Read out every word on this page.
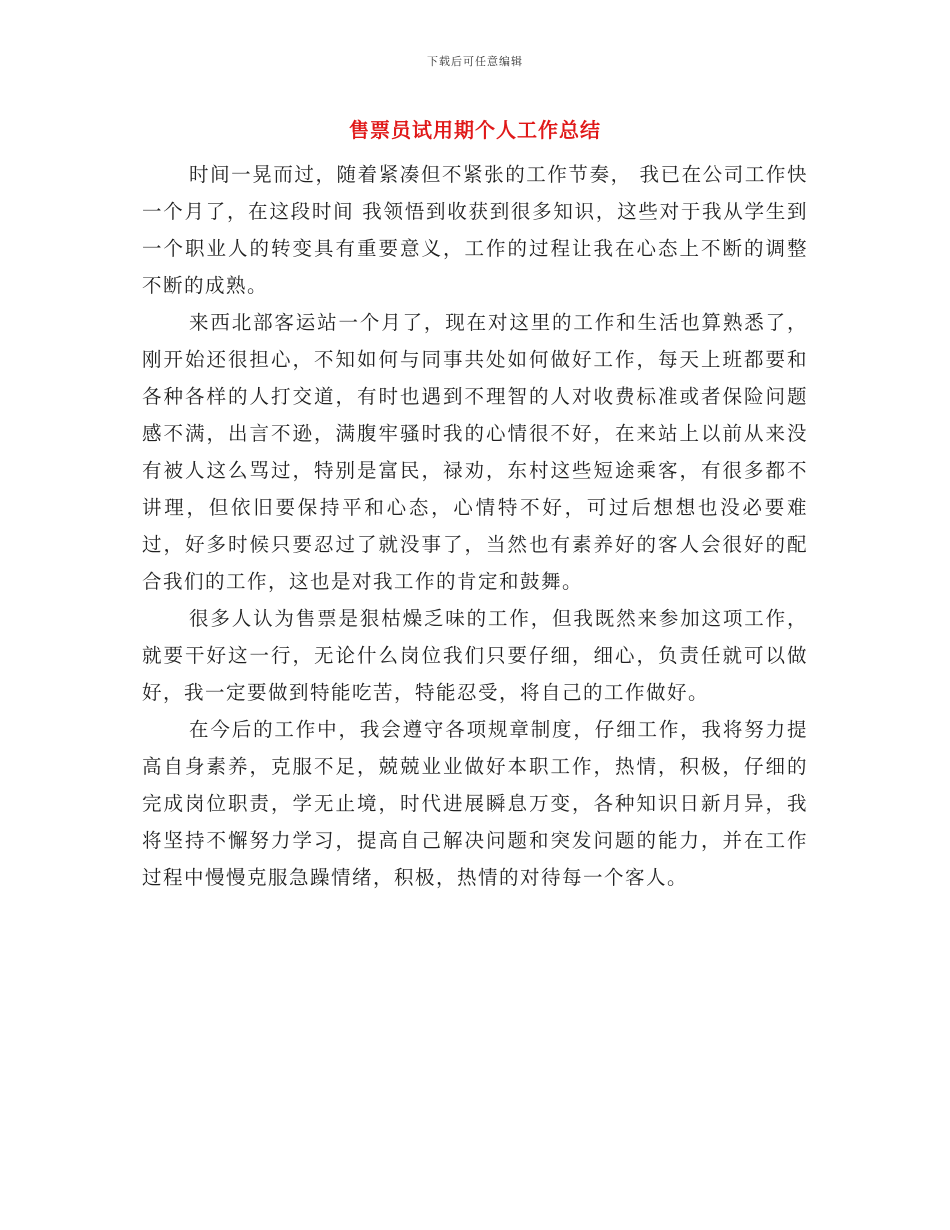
下载后可任意编辑
售票员试用期个人工作总结

时间一晃而过，随着紧凑但不紧张的工作节奏， 我已在公司工作快一个月了，在这段时间 我领悟到收获到很多知识，这些对于我从学生到一个职业人的转变具有重要意义，工作的过程让我在心态上不断的调整不断的成熟。

来西北部客运站一个月了，现在对这里的工作和生活也算熟悉了，刚开始还很担心，不知如何与同事共处如何做好工作，每天上班都要和各种各样的人打交道，有时也遇到不理智的人对收费标准或者保险问题感不满，出言不逊，满腹牢骚时我的心情很不好，在来站上以前从来没有被人这么骂过，特别是富民，禄劝，东村这些短途乘客，有很多都不讲理，但依旧要保持平和心态，心情特不好，可过后想想也没必要难过，好多时候只要忍过了就没事了，当然也有素养好的客人会很好的配合我们的工作，这也是对我工作的肯定和鼓舞。

很多人认为售票是狠枯燥乏味的工作，但我既然来参加这项工作，就要干好这一行，无论什么岗位我们只要仔细，细心，负责任就可以做好，我一定要做到特能吃苦，特能忍受，将自己的工作做好。

在今后的工作中，我会遵守各项规章制度，仔细工作，我将努力提高自身素养，克服不足，兢兢业业做好本职工作，热情，积极，仔细的完成岗位职责，学无止境，时代进展瞬息万变，各种知识日新月异，我将坚持不懈努力学习，提高自己解决问题和突发问题的能力，并在工作过程中慢慢克服急躁情绪，积极，热情的对待每一个客人。
